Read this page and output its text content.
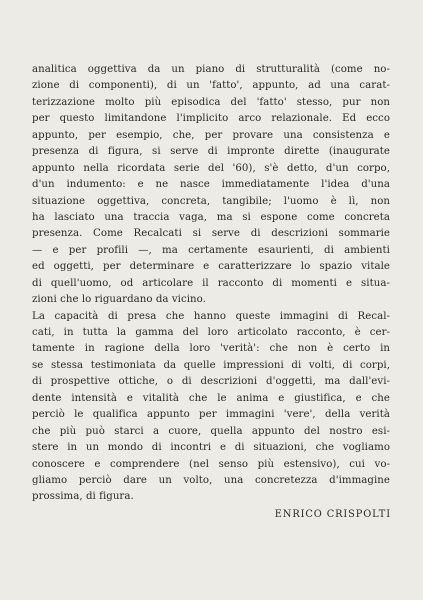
analitica oggettiva da un piano di strutturalità (come no-
zione di componenti), di un 'fatto', appunto, ad una carat-
terizzazione molto più episodica del 'fatto' stesso, pur non
per questo limitandone l'implicito arco relazionale. Ed ecco
appunto, per esempio, che, per provare una consistenza e
presenza di figura, si serve di impronte dirette (inaugurate
appunto nella ricordata serie del '60), s'è detto, d'un corpo,
d'un indumento: e ne nasce immediatamente l'idea d'una
situazione oggettiva, concreta, tangibile; l'uomo è lì, non
ha lasciato una traccia vaga, ma si espone come concreta
presenza. Come Recalcati si serve di descrizioni sommarie
— e per profili —, ma certamente esaurienti, di ambienti
ed oggetti, per determinare e caratterizzare lo spazio vitale
di quell'uomo, od articolare il racconto di momenti e situa-
zioni che lo riguardano da vicino.
La capacità di presa che hanno queste immagini di Recal-
cati, in tutta la gamma del loro articolato racconto, è cer-
tamente in ragione della loro 'verità': che non è certo in
se stessa testimoniata da quelle impressioni di volti, di corpi,
di prospettive ottiche, o di descrizioni d'oggetti, ma dall'evi-
dente intensità e vitalità che le anima e giustifica, e che
perciò le qualifica appunto per immagini 'vere', della verità
che più può starci a cuore, quella appunto del nostro esi-
stere in un mondo di incontri e di situazioni, che vogliamo
conoscere e comprendere (nel senso più estensivo), cui vo-
gliamo perciò dare un volto, una concretezza d'immagine
prossima, di figura.
ENRICO CRISPOLTI
